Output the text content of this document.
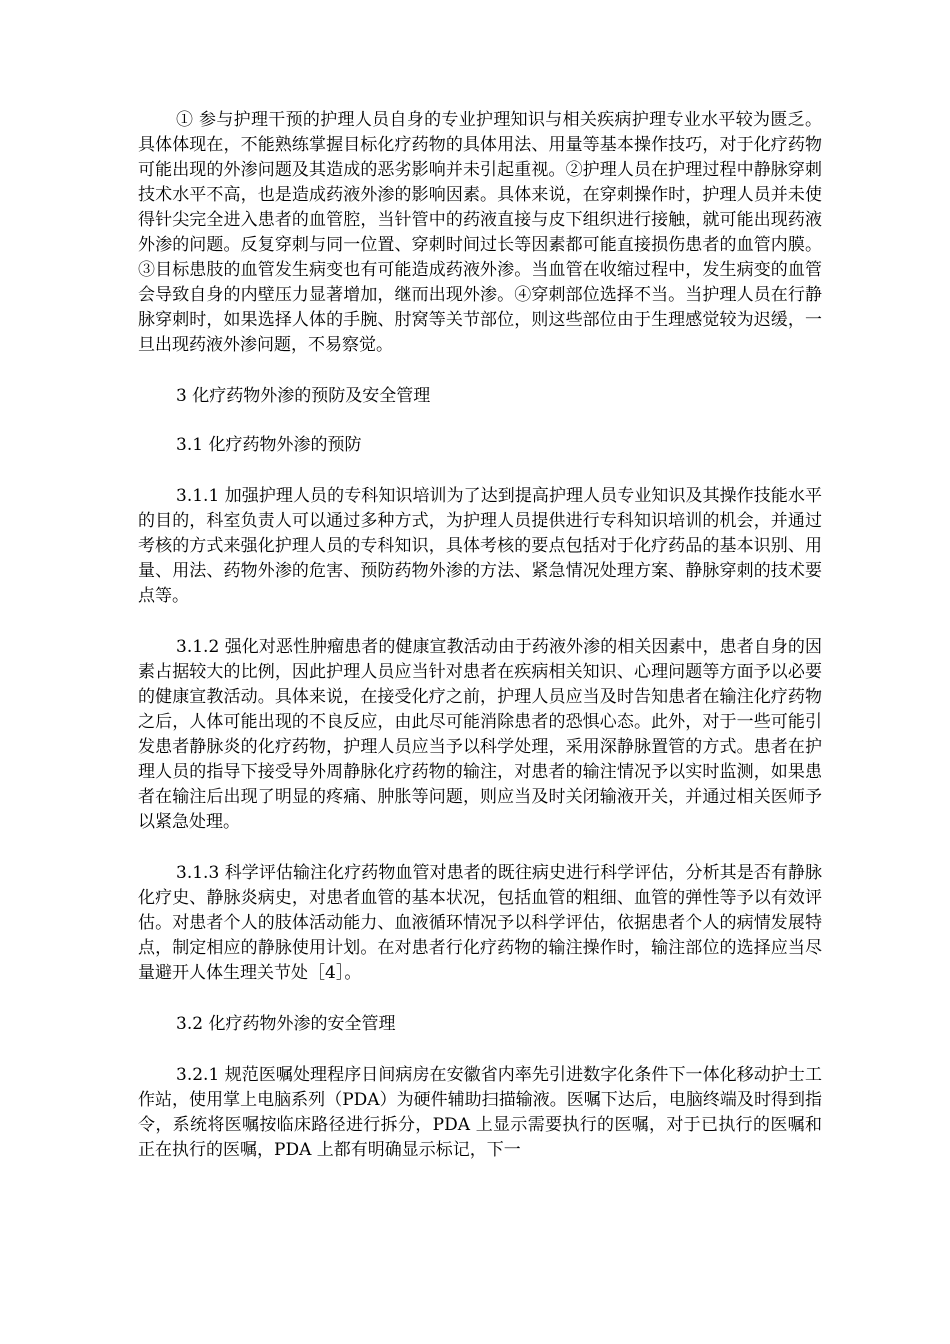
① 参与护理干预的护理人员自身的专业护理知识与相关疾病护理专业水平较为匮乏。具体体现在，不能熟练掌握目标化疗药物的具体用法、用量等基本操作技巧，对于化疗药物可能出现的外渗问题及其造成的恶劣影响并未引起重视。②护理人员在护理过程中静脉穿刺技术水平不高，也是造成药液外渗的影响因素。具体来说，在穿刺操作时，护理人员并未使得针尖完全进入患者的血管腔，当针管中的药液直接与皮下组织进行接触，就可能出现药液外渗的问题。反复穿刺与同一位置、穿刺时间过长等因素都可能直接损伤患者的血管内膜。③目标患肢的血管发生病变也有可能造成药液外渗。当血管在收缩过程中，发生病变的血管会导致自身的内壁压力显著增加，继而出现外渗。④穿刺部位选择不当。当护理人员在行静脉穿刺时，如果选择人体的手腕、肘窝等关节部位，则这些部位由于生理感觉较为迟缓，一旦出现药液外渗问题，不易察觉。

3 化疗药物外渗的预防及安全管理

3.1 化疗药物外渗的预防

3.1.1 加强护理人员的专科知识培训为了达到提高护理人员专业知识及其操作技能水平的目的，科室负责人可以通过多种方式，为护理人员提供进行专科知识培训的机会，并通过考核的方式来强化护理人员的专科知识，具体考核的要点包括对于化疗药品的基本识别、用量、用法、药物外渗的危害、预防药物外渗的方法、紧急情况处理方案、静脉穿刺的技术要点等。

3.1.2 强化对恶性肿瘤患者的健康宣教活动由于药液外渗的相关因素中，患者自身的因素占据较大的比例，因此护理人员应当针对患者在疾病相关知识、心理问题等方面予以必要的健康宣教活动。具体来说，在接受化疗之前，护理人员应当及时告知患者在输注化疗药物之后，人体可能出现的不良反应，由此尽可能消除患者的恐惧心态。此外，对于一些可能引发患者静脉炎的化疗药物，护理人员应当予以科学处理，采用深静脉置管的方式。患者在护理人员的指导下接受导外周静脉化疗药物的输注，对患者的输注情况予以实时监测，如果患者在输注后出现了明显的疼痛、肿胀等问题，则应当及时关闭输液开关，并通过相关医师予以紧急处理。

3.1.3 科学评估输注化疗药物血管对患者的既往病史进行科学评估，分析其是否有静脉化疗史、静脉炎病史，对患者血管的基本状况，包括血管的粗细、血管的弹性等予以有效评估。对患者个人的肢体活动能力、血液循环情况予以科学评估，依据患者个人的病情发展特点，制定相应的静脉使用计划。在对患者行化疗药物的输注操作时，输注部位的选择应当尽量避开人体生理关节处［4］。

3.2 化疗药物外渗的安全管理

3.2.1 规范医嘱处理程序日间病房在安徽省内率先引进数字化条件下一体化移动护士工作站，使用掌上电脑系列（PDA）为硬件辅助扫描输液。医嘱下达后，电脑终端及时得到指令，系统将医嘱按临床路径进行拆分，PDA 上显示需要执行的医嘱，对于已执行的医嘱和正在执行的医嘱，PDA 上都有明确显示标记，下一
